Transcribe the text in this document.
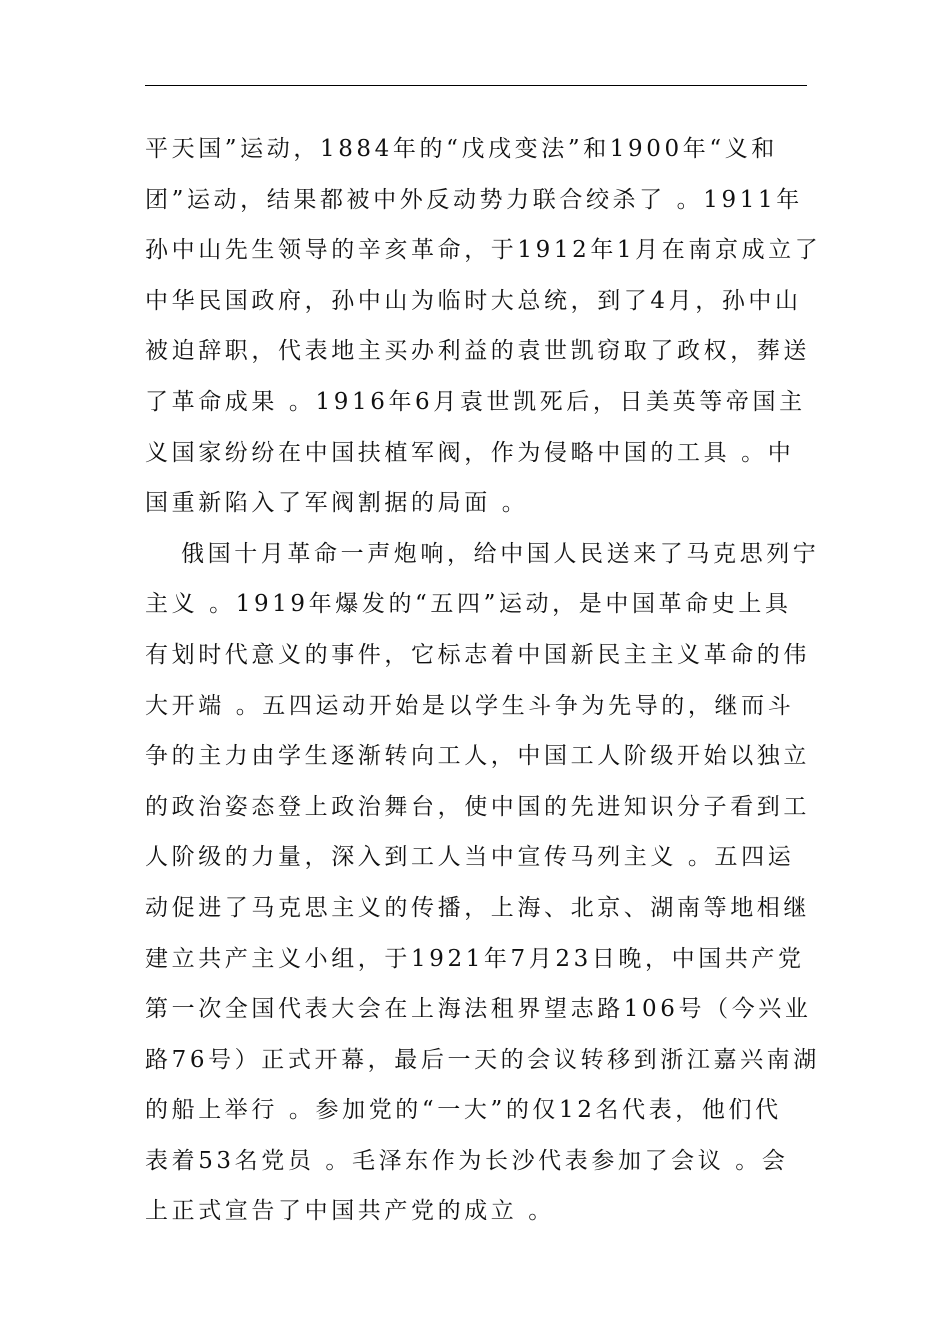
平天国”运动，1884年的“戊戌变法”和1900年“义和
团”运动，结果都被中外反动势力联合绞杀了 。1911年
孙中山先生领导的辛亥革命，于1912年1月在南京成立了
中华民国政府，孙中山为临时大总统，到了4月，孙中山
被迫辞职，代表地主买办利益的袁世凯窃取了政权，葬送
了革命成果 。1916年6月袁世凯死后，日美英等帝国主
义国家纷纷在中国扶植军阀，作为侵略中国的工具 。中
国重新陷入了军阀割据的局面 。
俄国十月革命一声炮响，给中国人民送来了马克思列宁
主义 。1919年爆发的“五四”运动，是中国革命史上具
有划时代意义的事件，它标志着中国新民主主义革命的伟
大开端 。五四运动开始是以学生斗争为先导的，继而斗
争的主力由学生逐渐转向工人，中国工人阶级开始以独立
的政治姿态登上政治舞台，使中国的先进知识分子看到工
人阶级的力量，深入到工人当中宣传马列主义 。五四运
动促进了马克思主义的传播，上海、北京、湖南等地相继
建立共产主义小组，于1921年7月23日晚，中国共产党
第一次全国代表大会在上海法租界望志路106号（今兴业
路76号）正式开幕，最后一天的会议转移到浙江嘉兴南湖
的船上举行 。参加党的“一大”的仅12名代表，他们代
表着53名党员 。毛泽东作为长沙代表参加了会议 。会
上正式宣告了中国共产党的成立 。
